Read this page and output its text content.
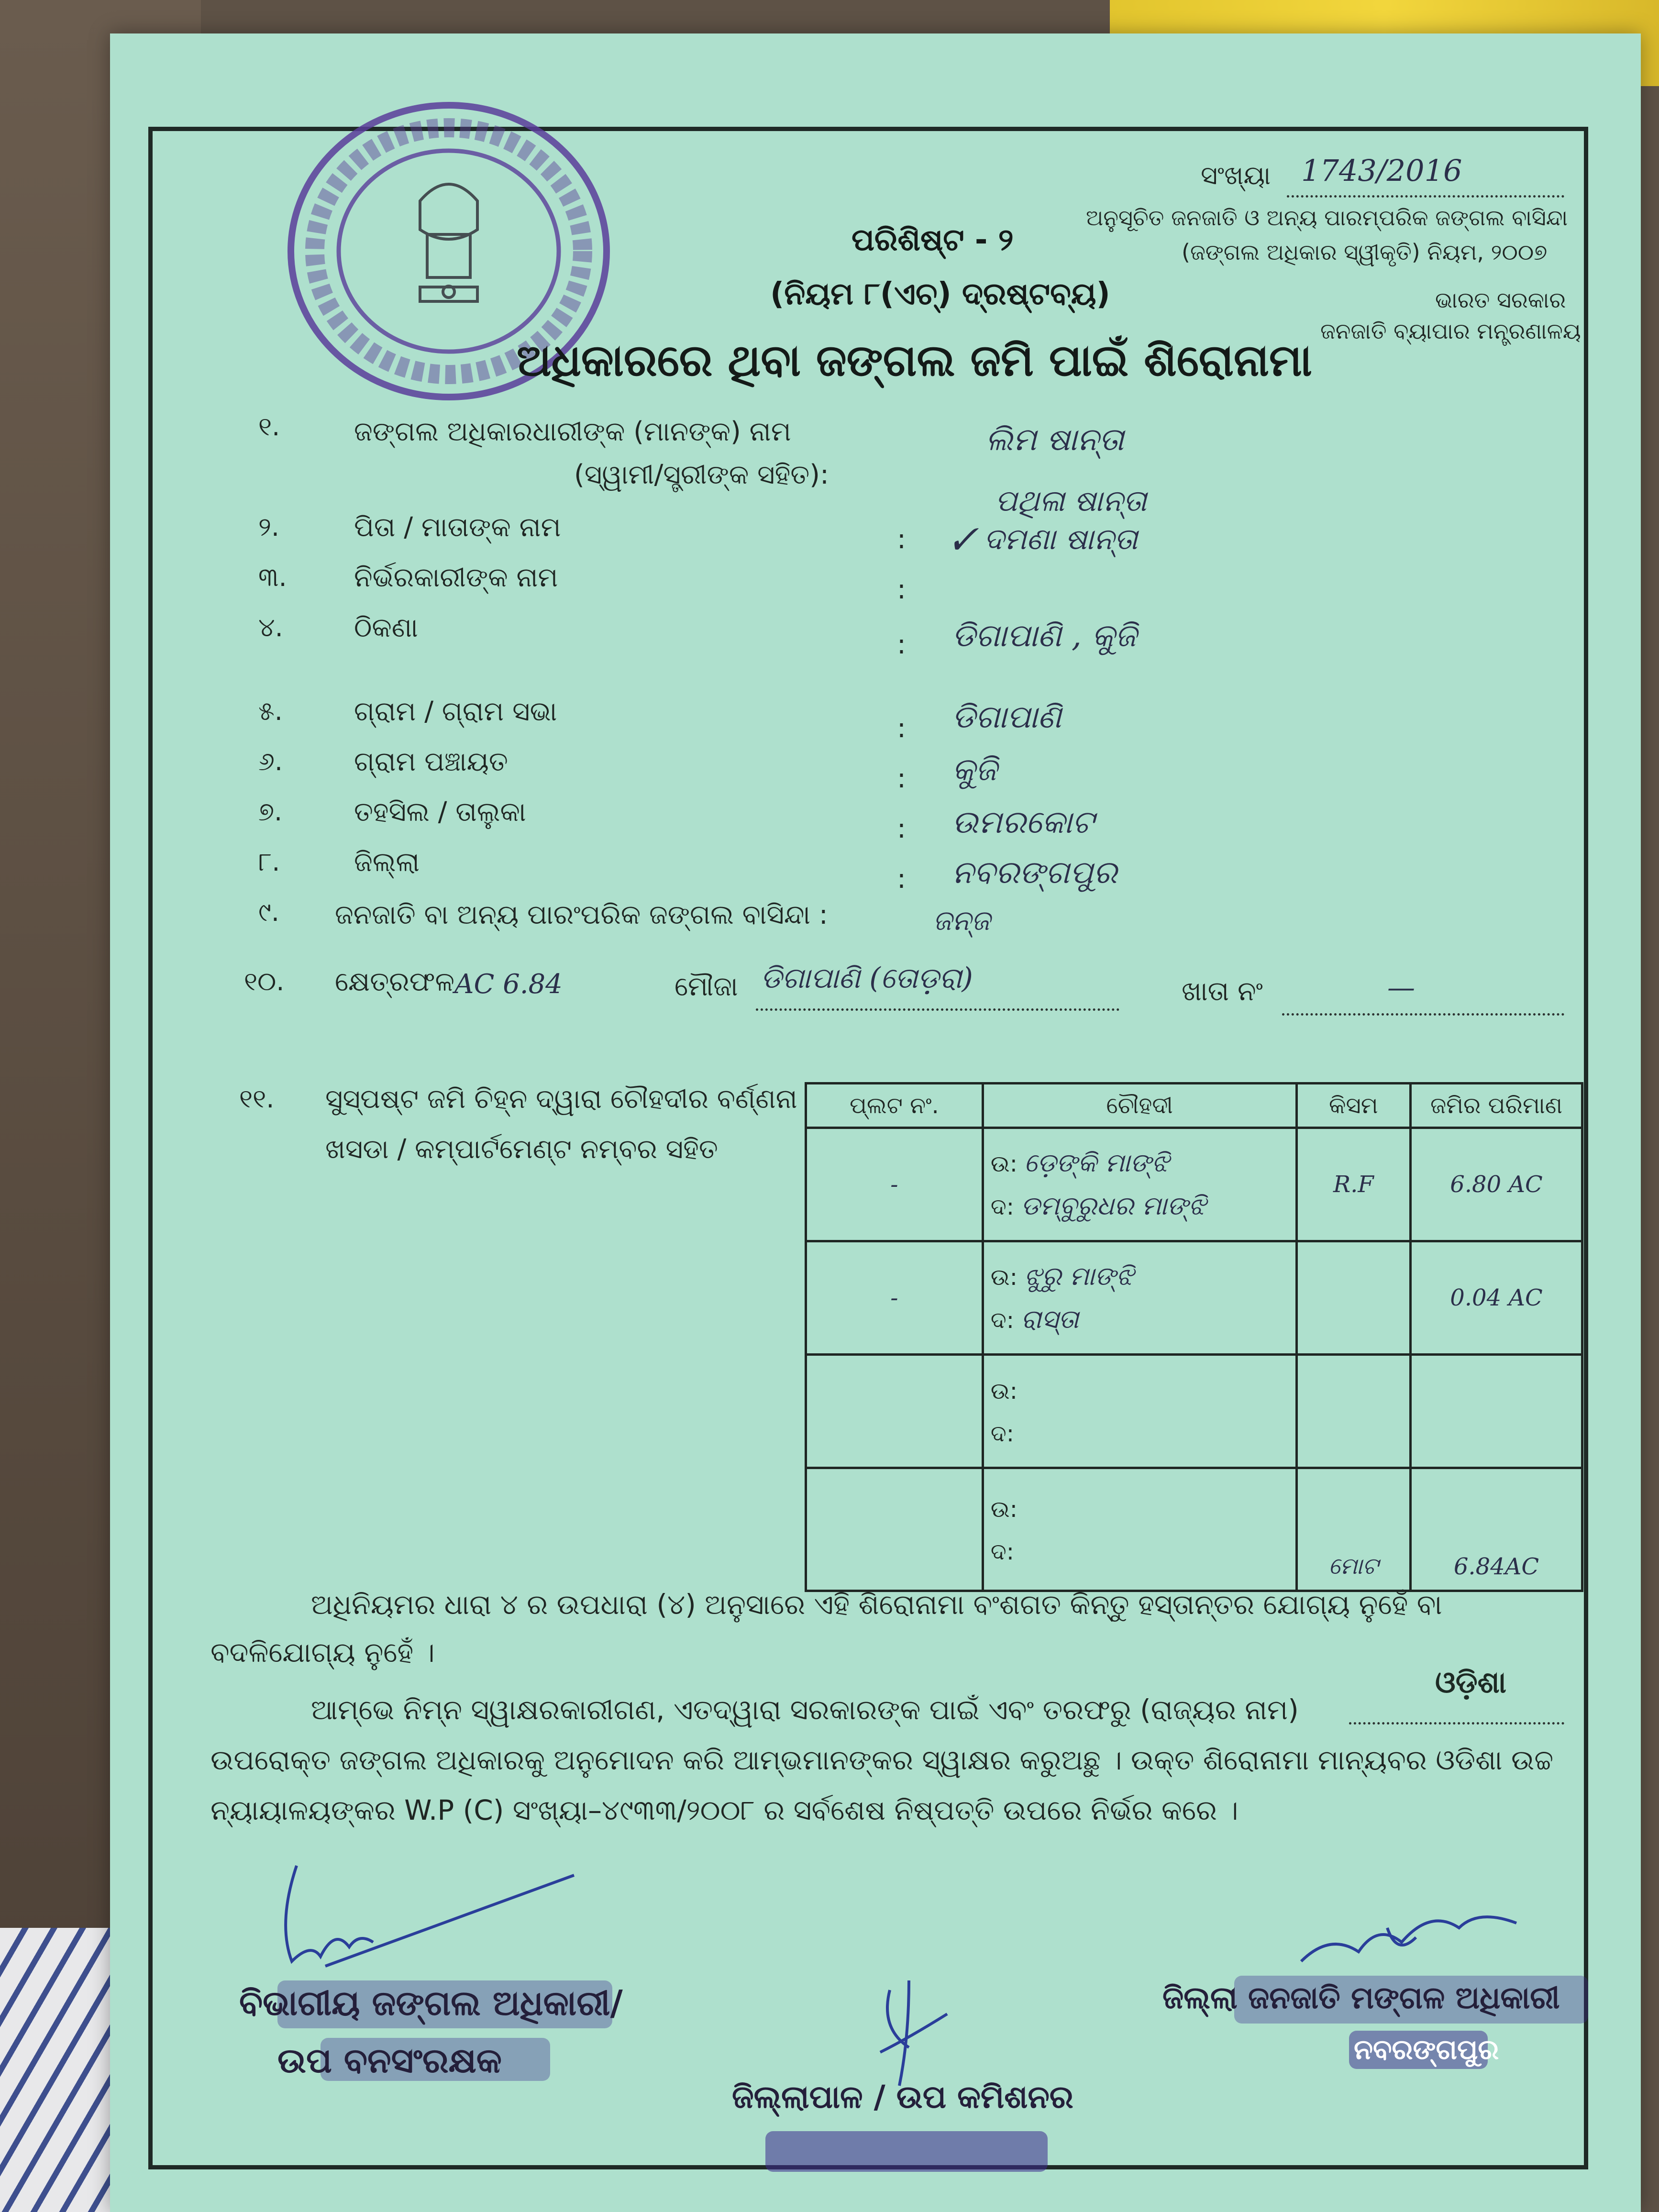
ସଂଖ୍ୟା 1743/2016
ଅନୁସୂଚିତ ଜନଜାତି ଓ ଅନ୍ୟ ପାରମ୍ପରିକ ଜଙ୍ଗଲ ବାସିନ୍ଦା
(ଜଙ୍ଗଲ ଅଧିକାର ସ୍ୱୀକୃତି) ନିୟମ, ୨୦୦୭
ଭାରତ ସରକାର
ଜନଜାତି ବ୍ୟାପାର ମନ୍ତ୍ରଣାଳୟ
ପରିଶିଷ୍ଟ - ୨
(ନିୟମ ୮(ଏଚ୍) ଦ୍ରଷ୍ଟବ୍ୟ)
ଅଧିକାରରେ ଥିବା ଜଙ୍ଗଲ ଜମି ପାଇଁ ଶିରୋନାମା
୧.	ଜଙ୍ଗଲ ଅଧିକାରଧାରୀଙ୍କ (ମାନଙ୍କ) ନାମ
(ସ୍ୱାମୀ/ସ୍ତ୍ରୀଙ୍କ ସହିତ):
ଲିମ ଷାନ୍ତା
ପଥିଳା ଷାନ୍ତା
୨.	ପିତା / ମାତାଙ୍କ ନାମ	: ✓ ଦମଣା ଷାନ୍ତା
୩.	ନିର୍ଭରକାରୀଙ୍କ ନାମ	:
୪.	ଠିକଣା
: ଡିଗାପାଣି , କୁଜି
୫.	ଗ୍ରାମ / ଗ୍ରାମ ସଭା
: ଡିଗାପାଣି
୬.	ଗ୍ରାମ ପଞ୍ଚାୟତ
: କୁଜି
୭.	ତହସିଲ / ତାଲୁକା
: ଉମରକୋଟ
୮.	ଜିଲ୍ଲା
: ନବରଙ୍ଗପୁର
୯. ଜନଜାତି ବା ଅନ୍ୟ ପାରଂପରିକ ଜଙ୍ଗଲ ବାସିନ୍ଦା :	ଜନ୍ଜ
୧୦. କ୍ଷେତ୍ରଫଳ AC 6.84	ମୌଜା ଡିଗାପାଣି (ତୋଡ଼ରା)	ଖାତା ନଂ	—
୧୧. ସୁସ୍ପଷ୍ଟ ଜମି ଚିହ୍ନ ଦ୍ୱାରା ଚୌହଦୀର ବର୍ଣ୍ଣନା
ଖସଡା / କମ୍ପାର୍ଟମେଣ୍ଟ ନମ୍ବର ସହିତ
ପ୍ଲଟ ନଂ.	ଚୌହଦୀ	କିସମ	ଜମିର ପରିମାଣ
-	ଉ: ଡ଼େଙ୍କି ମାଙ୍ଝି
ଦ: ଡମ୍ବୁରୁଧର ମାଙ୍ଝି	R.F	6.80 AC
-	ଉ: ଝୁରୁ ମାଙ୍ଝି
ଦ: ରାସ୍ତା		0.04 AC

	ଉ:
ଦ:		

	ଉ:
ଦ:	ମୋଟ	6.84AC
ଅଧିନିୟମର ଧାରା ୪ ର ଉପଧାରା (୪) ଅନୁସାରେ ଏହି ଶିରୋନାମା ବଂଶଗତ କିନ୍ତୁ ହସ୍ତାନ୍ତର ଯୋଗ୍ୟ ନୁହେଁ ବା
ବଦଳିଯୋଗ୍ୟ ନୁହେଁ ।
ଆମ୍ଭେ ନିମ୍ନ ସ୍ୱାକ୍ଷରକାରୀଗଣ, ଏତଦ୍ୱାରା ସରକାରଙ୍କ ପାଇଁ ଏବଂ ତରଫରୁ (ରାଜ୍ୟର ନାମ)
ଓଡ଼ିଶା
ଉପରୋକ୍ତ ଜଙ୍ଗଲ ଅଧିକାରକୁ ଅନୁମୋଦନ କରି ଆମ୍ଭମାନଙ୍କର ସ୍ୱାକ୍ଷର କରୁଅଛୁ । ଉକ୍ତ ଶିରୋନାମା ମାନ୍ୟବର ଓଡିଶା ଉଚ୍ଚ
ନ୍ୟାୟାଳୟଙ୍କର W.P (C) ସଂଖ୍ୟା–୪୯୩୩/୨୦୦୮ ର ସର୍ବଶେଷ ନିଷ୍ପତ୍ତି ଉପରେ ନିର୍ଭର କରେ ।
ବିଭାଗୀୟ ଜଙ୍ଗଲ ଅଧିକାରୀ/
ଉପ ବନସଂରକ୍ଷକ
ଜିଲ୍ଲାପାଳ / ଉପ କମିଶନର
ଜିଲ୍ଲା ଜନଜାତି ମଙ୍ଗଳ ଅଧିକାରୀ
ନବରଙ୍ଗପୁର
